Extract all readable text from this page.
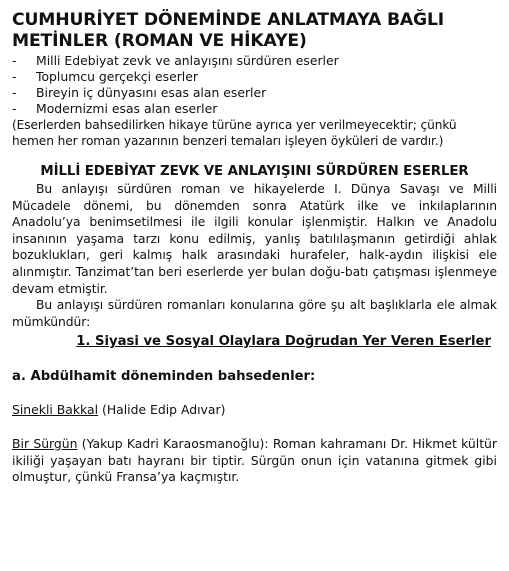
CUMHURİYET DÖNEMİNDE ANLATMAYA BAĞLI
METİNLER (ROMAN VE HİKAYE)
-	Milli Edebiyat zevk ve anlayışını sürdüren eserler
-	Toplumcu gerçekçi eserler
-	Bireyin iç dünyasını esas alan eserler
-	Modernizmi esas alan eserler

(Eserlerden bahsedilirken hikaye türüne ayrıca yer verilmeyecektir; çünkü hemen her roman yazarının benzeri temaları işleyen öyküleri de vardır.)

MİLLİ EDEBİYAT ZEVK VE ANLAYIŞINI SÜRDÜREN ESERLER

Bu anlayışı sürdüren roman ve hikayelerde I. Dünya Savaşı ve Milli Mücadele dönemi, bu dönemden sonra Atatürk ilke ve inkılaplarının Anadolu’ya benimsetilmesi ile ilgili konular işlenmiştir. Halkın ve Anadolu insanının yaşama tarzı konu edilmiş, yanlış batılılaşmanın getirdiği ahlak bozuklukları, geri kalmış halk arasındaki hurafeler, halk-aydın ilişkisi ele alınmıştır. Tanzimat’tan beri eserlerde yer bulan doğu-batı çatışması işlenmeye devam etmiştir.

Bu anlayışı sürdüren romanları konularına göre şu alt başlıklarla ele almak mümkündür:

1. Siyasi ve Sosyal Olaylara Doğrudan Yer Veren Eserler
a. Abdülhamit döneminden bahsedenler:

Sinekli Bakkal (Halide Edip Adıvar)

Bir Sürgün (Yakup Kadri Karaosmanoğlu): Roman kahramanı Dr. Hikmet kültür ikiliği yaşayan batı hayranı bir tiptir. Sürgün onun için vatanına gitmek gibi olmuştur, çünkü Fransa’ya kaçmıştır.
